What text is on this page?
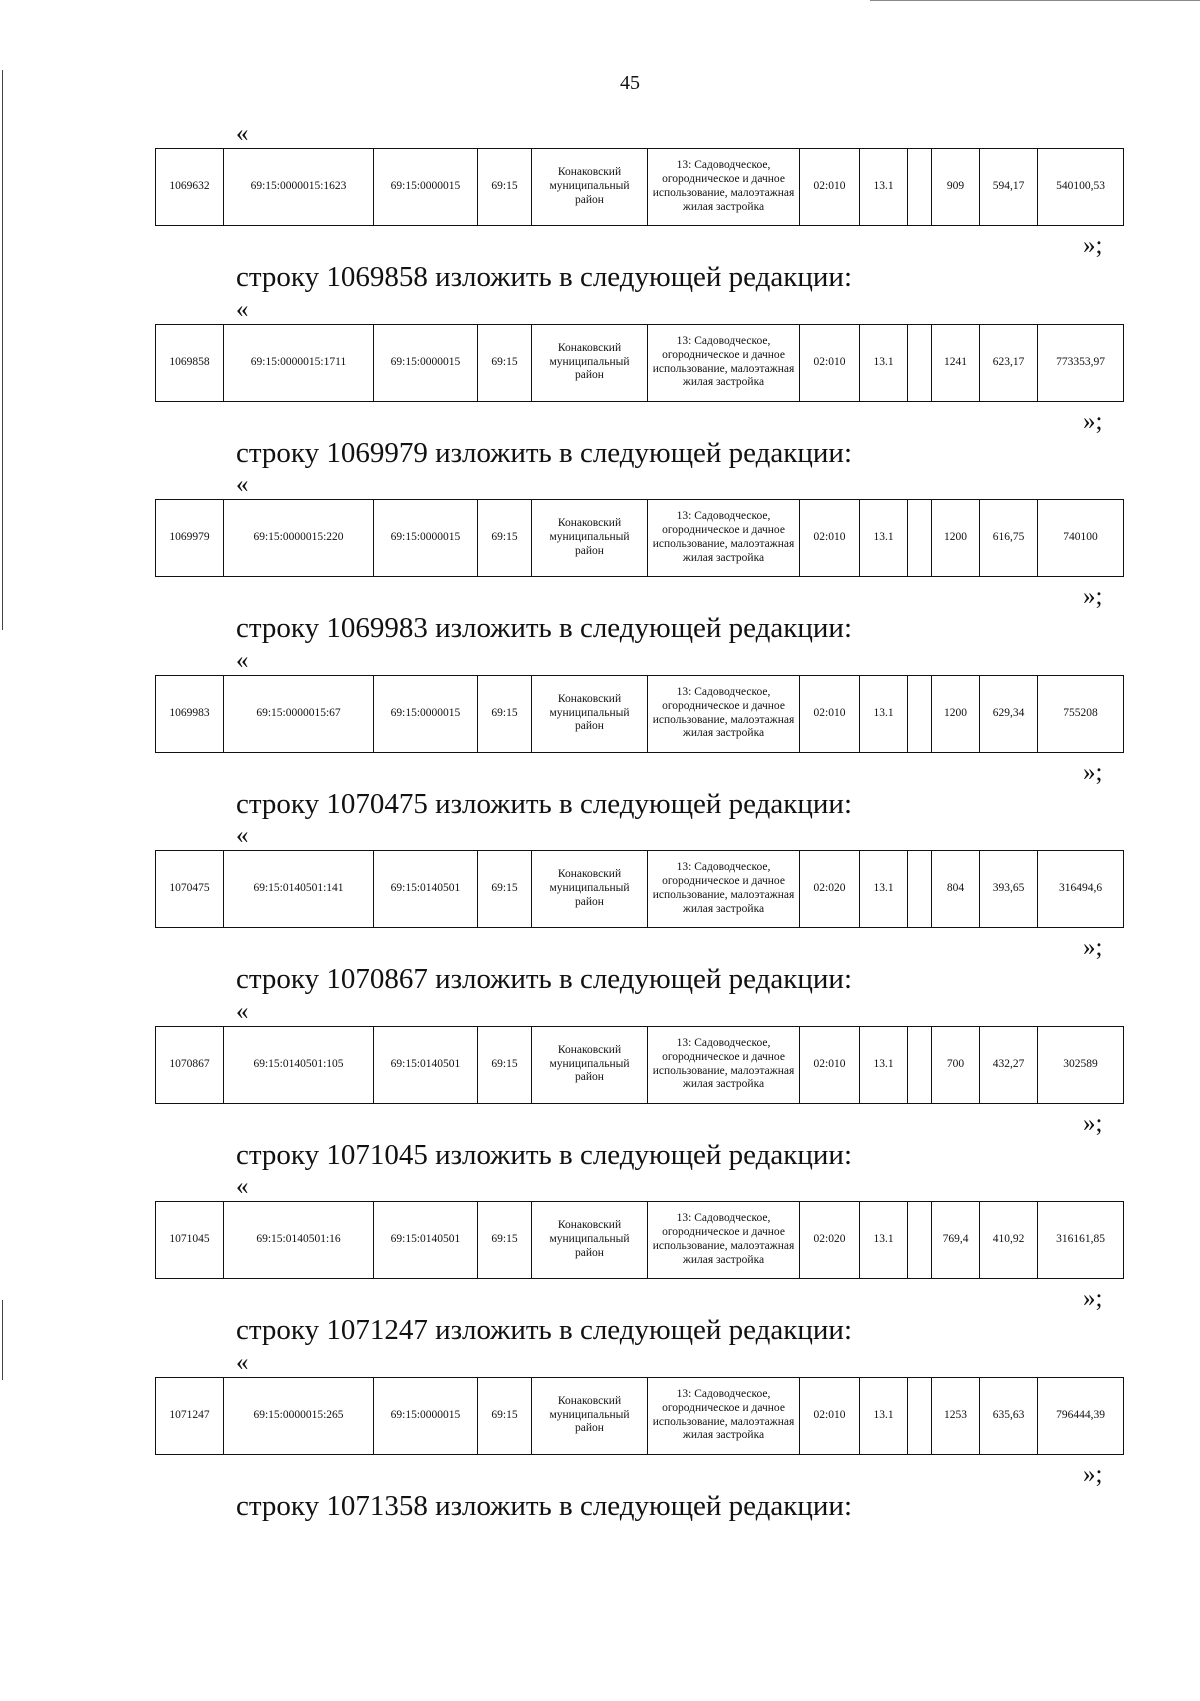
45
«
1069632	69:15:0000015:1623	69:15:0000015	69:15	Конаковский муниципальный район	13: Садоводческое, огородническое и дачное использование, малоэтажная жилая застройка	02:010	13.1		909	594,17	540100,53
»;
строку 1069858 изложить в следующей редакции:
«
1069858	69:15:0000015:1711	69:15:0000015	69:15	Конаковский муниципальный район	13: Садоводческое, огородническое и дачное использование, малоэтажная жилая застройка	02:010	13.1		1241	623,17	773353,97
»;
строку 1069979 изложить в следующей редакции:
«
1069979	69:15:0000015:220	69:15:0000015	69:15	Конаковский муниципальный район	13: Садоводческое, огородническое и дачное использование, малоэтажная жилая застройка	02:010	13.1		1200	616,75	740100
»;
строку 1069983 изложить в следующей редакции:
«
1069983	69:15:0000015:67	69:15:0000015	69:15	Конаковский муниципальный район	13: Садоводческое, огородническое и дачное использование, малоэтажная жилая застройка	02:010	13.1		1200	629,34	755208
»;
строку 1070475 изложить в следующей редакции:
«
1070475	69:15:0140501:141	69:15:0140501	69:15	Конаковский муниципальный район	13: Садоводческое, огородническое и дачное использование, малоэтажная жилая застройка	02:020	13.1		804	393,65	316494,6
»;
строку 1070867 изложить в следующей редакции:
«
1070867	69:15:0140501:105	69:15:0140501	69:15	Конаковский муниципальный район	13: Садоводческое, огородническое и дачное использование, малоэтажная жилая застройка	02:010	13.1		700	432,27	302589
»;
строку 1071045 изложить в следующей редакции:
«
1071045	69:15:0140501:16	69:15:0140501	69:15	Конаковский муниципальный район	13: Садоводческое, огородническое и дачное использование, малоэтажная жилая застройка	02:020	13.1		769,4	410,92	316161,85
»;
строку 1071247 изложить в следующей редакции:
«
1071247	69:15:0000015:265	69:15:0000015	69:15	Конаковский муниципальный район	13: Садоводческое, огородническое и дачное использование, малоэтажная жилая застройка	02:010	13.1		1253	635,63	796444,39
»;
строку 1071358 изложить в следующей редакции:
